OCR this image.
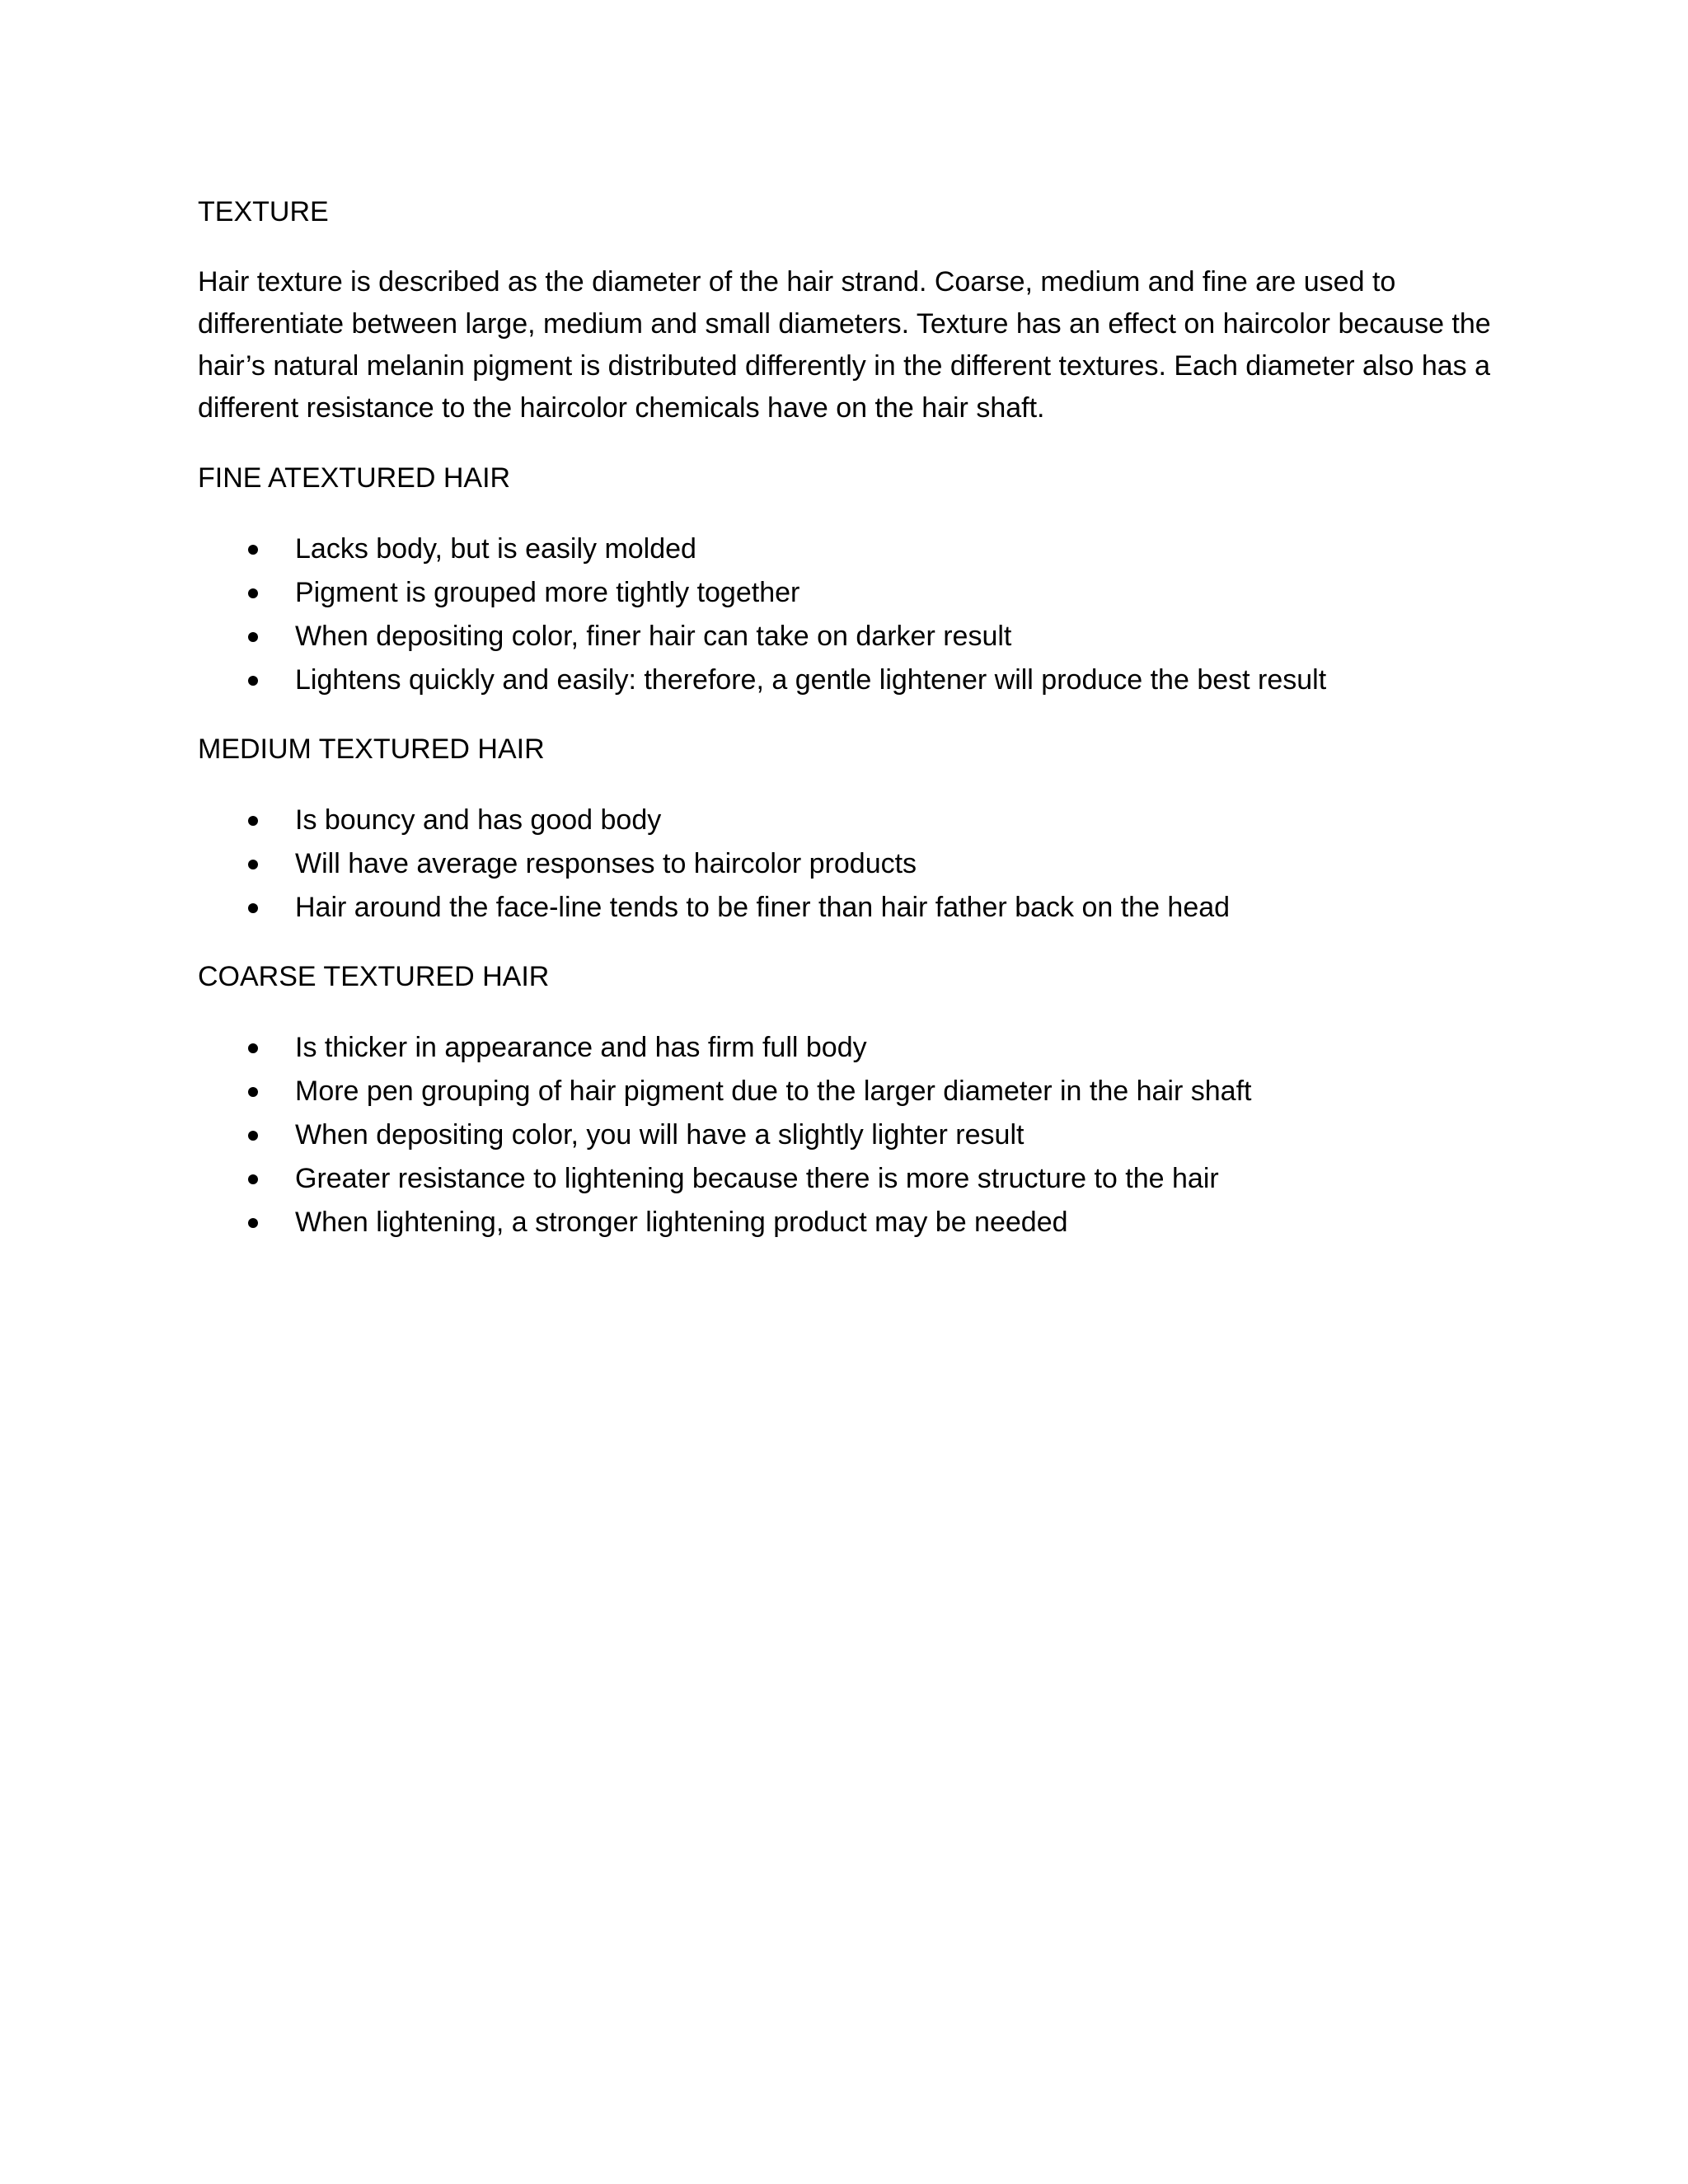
TEXTURE

Hair texture is described as the diameter of the hair strand. Coarse, medium and fine are used to differentiate between large, medium and small diameters. Texture has an effect on haircolor because the hair’s natural melanin pigment is distributed differently in the different textures. Each diameter also has a different resistance to the haircolor chemicals have on the hair shaft.

FINE ATEXTURED HAIR

Lacks body, but is easily molded
Pigment is grouped more tightly together
When depositing color, finer hair can take on darker result
Lightens quickly and easily: therefore, a gentle lightener will produce the best result

MEDIUM TEXTURED HAIR

Is bouncy and has good body
Will have average responses to haircolor products
Hair around the face-line tends to be finer than hair father back on the head

COARSE TEXTURED HAIR

Is thicker in appearance and has firm full body
More pen grouping of hair pigment due to the larger diameter in the hair shaft
When depositing color, you will have a slightly lighter result
Greater resistance to lightening because there is more structure to the hair
When lightening, a stronger lightening product may be needed
